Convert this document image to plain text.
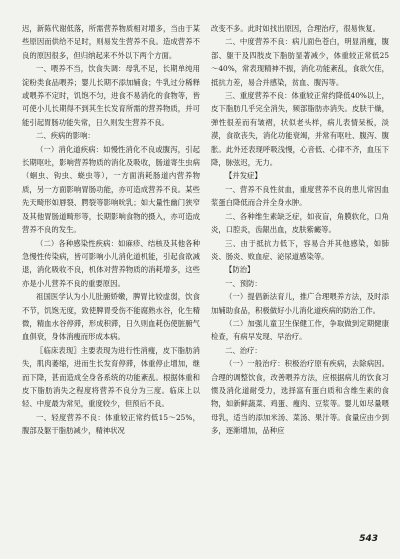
迟，新陈代谢低落，所需营养物质相对增多，当由于某些原因而供给不足时，则易发生营养不良。造成营养不良的原因很多，但归纳起来不外以下两个方面。

一、喂养不当，饮食失调：母乳不足，长期单纯用淀粉类食品喂养；婴儿长期不添加辅食；牛乳过分稀释或喂养不定时，饥饱不匀，进食不易消化的食物等，皆可使小儿长期得不到其生长发育所需的营养物质，并可能引起胃肠功能失常，日久则发生营养不良。

二、疾病的影响：

（一）消化道疾病：如慢性消化不良或腹泻，引起长期呕吐，影响营养物质的消化及吸收，肠道寄生虫病（蛔虫、钩虫、蛲虫等），一方面消耗肠道内营养物质，另一方面影响胃肠功能，亦可造成营养不良。某些先天畸形如唇裂、腭裂等影响吮乳；如大量性幽门狭窄及其他胃肠道畸形等，长期影响食物的摄入，亦可造成营养不良的发生。

（二）各种感染性疾病：如麻疹、结核及其他各种急慢性传染病，皆可影响小儿消化道机能，引起食欲减退，消化吸收不良，机体对营养物质的消耗增多，这些亦是小儿营养不良的重要原因。

祖国医学认为小儿肚腑娇嫩，脾胃比较虚弱，饮食不节，饥饱无度，致使脾胃受伤不能腐熟水谷，化生精微，精血水谷停滞，形成积滞，日久则血耗伤使脏腑气血俱衰，身体消瘦而形成本病。

〖临床表现〗主要表现为进行性消瘦，皮下脂肪消失，肌肉萎缩，进而生长发育停滞，体重停止增加，继而下降，甚而造成全身各系统的功能紊乱。根据体重和皮下脂肪消失之程度将营养不良分为三度。临床上以轻、中度最为常见，重度较少，但预后不良。

一、轻度营养不良：体重较正常约低15～25%，腹部及躯干脂肪减少，精神状况

改变不多。此时如找出原因，合理治疗，很易恢复。

二、中度营养不良：病儿面色苍白，明显消瘦，腹部、躯干及四肢皮下脂肪显著减少，体重较正常低25～40%，常表现精神不振，消化功能紊乱，食欲欠佳，抵抗力差，易合并感染，贫血、腹泻等。

三、重度营养不良：体重较正常约降低40%以上，皮下脂肪几乎完全消失，频部脂肪亦消失。皮肤干燥，弹性很差而有皱褶，状似老头样，病儿表情呆板，淡漠，食欲丧失，消化功能衰竭，并常有呕吐、腹泻、腹胀。此外还表现呼吸浅慢，心音低、心律不齐，血压下降，脉弦迟，无力。

【并发症】

一、营养不良性贫血，重度营养不良的患儿常因血浆蛋白降低而合并全身水肿。

二、各种维生素缺乏症，如夜盲，角膜软化，口角炎，口腔炎，齿龈出血，皮肤紫癜等。

三、由于抵抗力低下，容易合并其他感染，如肺炎、肠炎、败血症、泌尿道感染等。

【防治】

一、预防：

（一）提倡新法育儿，推广合理喂养方法，及时添加辅助食品，积极做好小儿消化道疾病的防治工作。

（二）加强儿童卫生保健工作，争取做到定期健康检查，有病早发现、早治疗。

二、治疗：

（一）一般治疗：积极治疗原有疾病，去除病因。合理的调整饮食，改善喂养方法，应根据病儿的饮食习惯及消化道耐受力，选择富有蛋白质和含维生素的食物，如新鲜蔬菜、鸡蛋、瘦肉、豆浆等。婴儿如尽量喂母乳，适当的添加米汤、菜汤、果汁等。食量应由少到多，逐渐增加，品种应

543
